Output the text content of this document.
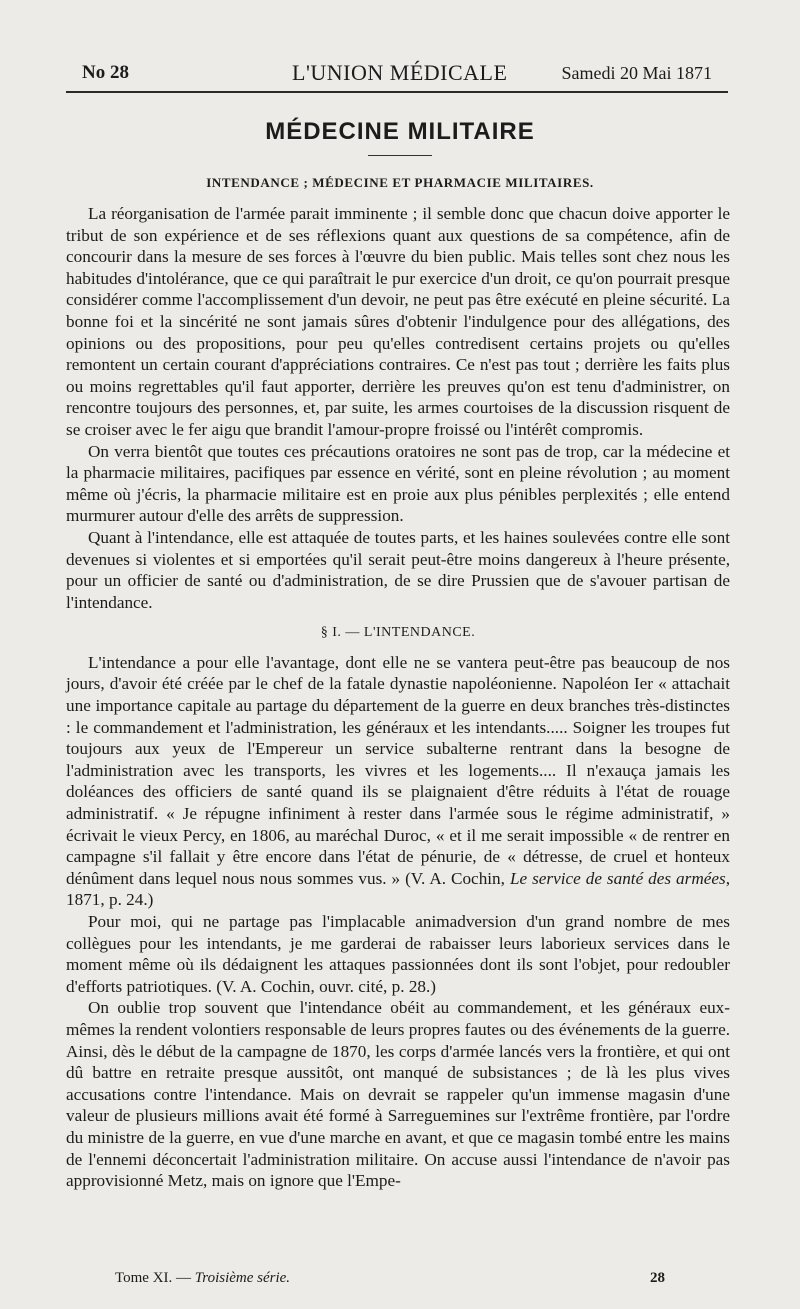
No 28	L'UNION MÉDICALE	Samedi 20 Mai 1871
MÉDECINE MILITAIRE
INTENDANCE ; MÉDECINE ET PHARMACIE MILITAIRES.

La réorganisation de l'armée parait imminente ; il semble donc que chacun doive apporter le tribut de son expérience et de ses réflexions quant aux questions de sa compétence, afin de concourir dans la mesure de ses forces à l'œuvre du bien public. Mais telles sont chez nous les habitudes d'intolérance, que ce qui paraîtrait le pur exercice d'un droit, ce qu'on pourrait presque considérer comme l'accomplissement d'un devoir, ne peut pas être exécuté en pleine sécurité. La bonne foi et la sincérité ne sont jamais sûres d'obtenir l'indulgence pour des allégations, des opinions ou des propositions, pour peu qu'elles contredisent certains projets ou qu'elles remontent un certain courant d'appréciations contraires. Ce n'est pas tout ; derrière les faits plus ou moins regrettables qu'il faut apporter, derrière les preuves qu'on est tenu d'administrer, on rencontre toujours des personnes, et, par suite, les armes courtoises de la discussion risquent de se croiser avec le fer aigu que brandit l'amour-propre froissé ou l'intérêt compromis.

On verra bientôt que toutes ces précautions oratoires ne sont pas de trop, car la médecine et la pharmacie militaires, pacifiques par essence en vérité, sont en pleine révolution ; au moment même où j'écris, la pharmacie militaire est en proie aux plus pénibles perplexités ; elle entend murmurer autour d'elle des arrêts de suppression.

Quant à l'intendance, elle est attaquée de toutes parts, et les haines soulevées contre elle sont devenues si violentes et si emportées qu'il serait peut-être moins dangereux à l'heure présente, pour un officier de santé ou d'administration, de se dire Prussien que de s'avouer partisan de l'intendance.

§ I. — L'INTENDANCE.

L'intendance a pour elle l'avantage, dont elle ne se vantera peut-être pas beaucoup de nos jours, d'avoir été créée par le chef de la fatale dynastie napoléonienne. Napoléon Ier « attachait une importance capitale au partage du département de la guerre en deux branches très-distinctes : le commandement et l'administration, les généraux et les intendants..... Soigner les troupes fut toujours aux yeux de l'Empereur un service subalterne rentrant dans la besogne de l'administration avec les transports, les vivres et les logements.... Il n'exauça jamais les doléances des officiers de santé quand ils se plaignaient d'être réduits à l'état de rouage administratif. « Je répugne infiniment à rester dans l'armée sous le régime administratif, » écrivait le vieux Percy, en 1806, au maréchal Duroc, « et il me serait impossible « de rentrer en campagne s'il fallait y être encore dans l'état de pénurie, de « détresse, de cruel et honteux dénûment dans lequel nous nous sommes vus. » (V. A. Cochin, Le service de santé des armées, 1871, p. 24.)

Pour moi, qui ne partage pas l'implacable animadversion d'un grand nombre de mes collègues pour les intendants, je me garderai de rabaisser leurs laborieux services dans le moment même où ils dédaignent les attaques passionnées dont ils sont l'objet, pour redoubler d'efforts patriotiques. (V. A. Cochin, ouvr. cité, p. 28.)

On oublie trop souvent que l'intendance obéit au commandement, et les généraux eux-mêmes la rendent volontiers responsable de leurs propres fautes ou des événements de la guerre. Ainsi, dès le début de la campagne de 1870, les corps d'armée lancés vers la frontière, et qui ont dû battre en retraite presque aussitôt, ont manqué de subsistances ; de là les plus vives accusations contre l'intendance. Mais on devrait se rappeler qu'un immense magasin d'une valeur de plusieurs millions avait été formé à Sarreguemines sur l'extrême frontière, par l'ordre du ministre de la guerre, en vue d'une marche en avant, et que ce magasin tombé entre les mains de l'ennemi déconcertait l'administration militaire. On accuse aussi l'intendance de n'avoir pas approvisionné Metz, mais on ignore que l'Empe-

Tome XI. — Troisième série.	28
